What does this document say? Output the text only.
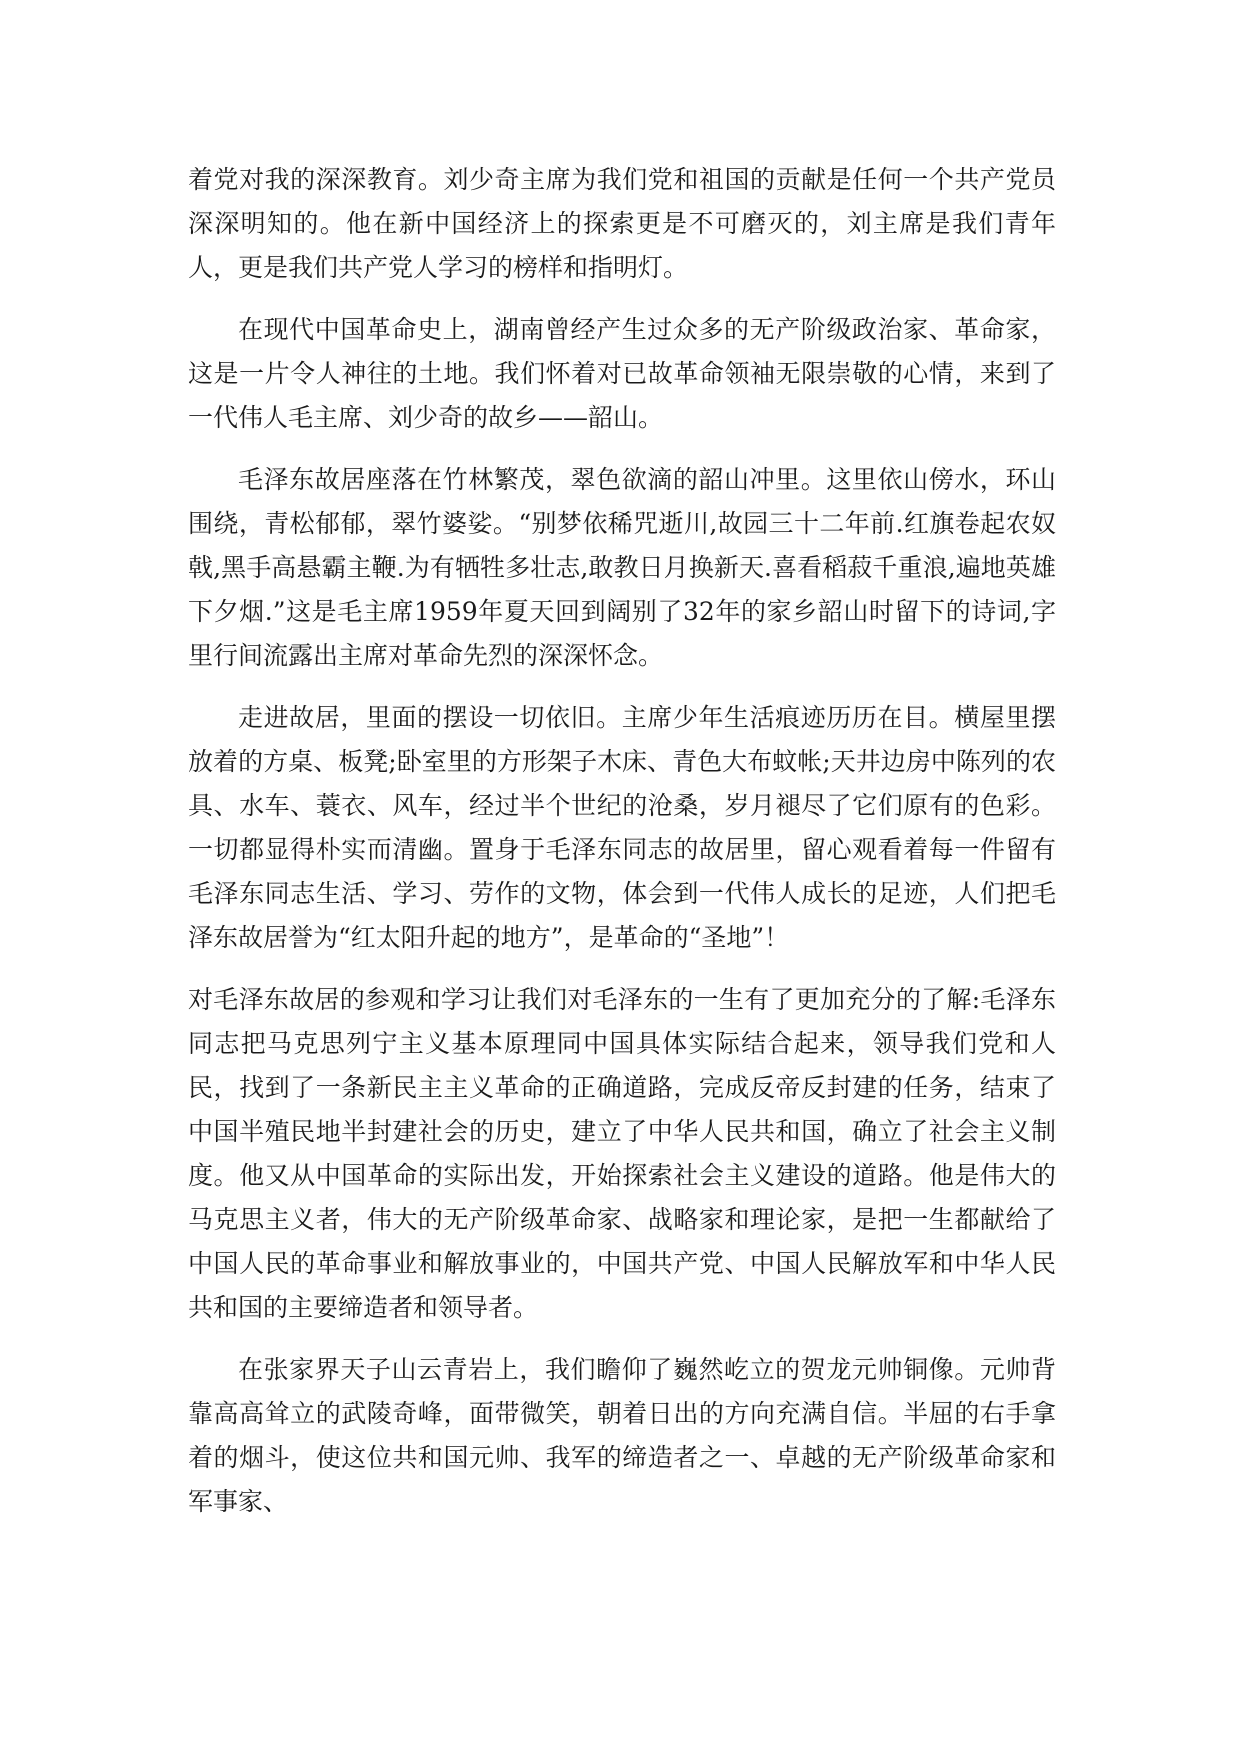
着党对我的深深教育。刘少奇主席为我们党和祖国的贡献是任何一个共产党员深深明知的。他在新中国经济上的探索更是不可磨灭的，刘主席是我们青年人，更是我们共产党人学习的榜样和指明灯。

在现代中国革命史上，湖南曾经产生过众多的无产阶级政治家、革命家，这是一片令人神往的土地。我们怀着对已故革命领袖无限崇敬的心情，来到了一代伟人毛主席、刘少奇的故乡——韶山。

毛泽东故居座落在竹林繁茂，翠色欲滴的韶山冲里。这里依山傍水，环山围绕，青松郁郁，翠竹婆娑。“别梦依稀咒逝川,故园三十二年前.红旗卷起农奴戟,黑手高悬霸主鞭.为有牺牲多壮志,敢教日月换新天.喜看稻菽千重浪,遍地英雄下夕烟.”这是毛主席1959年夏天回到阔别了32年的家乡韶山时留下的诗词,字里行间流露出主席对革命先烈的深深怀念。

走进故居，里面的摆设一切依旧。主席少年生活痕迹历历在目。横屋里摆放着的方桌、板凳;卧室里的方形架子木床、青色大布蚊帐;天井边房中陈列的农具、水车、蓑衣、风车，经过半个世纪的沧桑，岁月褪尽了它们原有的色彩。一切都显得朴实而清幽。置身于毛泽东同志的故居里，留心观看着每一件留有毛泽东同志生活、学习、劳作的文物，体会到一代伟人成长的足迹，人们把毛泽东故居誉为“红太阳升起的地方”，是革命的“圣地”！

对毛泽东故居的参观和学习让我们对毛泽东的一生有了更加充分的了解:毛泽东同志把马克思列宁主义基本原理同中国具体实际结合起来，领导我们党和人民，找到了一条新民主主义革命的正确道路，完成反帝反封建的任务，结束了中国半殖民地半封建社会的历史，建立了中华人民共和国，确立了社会主义制度。他又从中国革命的实际出发，开始探索社会主义建设的道路。他是伟大的马克思主义者，伟大的无产阶级革命家、战略家和理论家，是把一生都献给了中国人民的革命事业和解放事业的，中国共产党、中国人民解放军和中华人民共和国的主要缔造者和领导者。

在张家界天子山云青岩上，我们瞻仰了巍然屹立的贺龙元帅铜像。元帅背靠高高耸立的武陵奇峰，面带微笑，朝着日出的方向充满自信。半屈的右手拿着的烟斗，使这位共和国元帅、我军的缔造者之一、卓越的无产阶级革命家和军事家、
